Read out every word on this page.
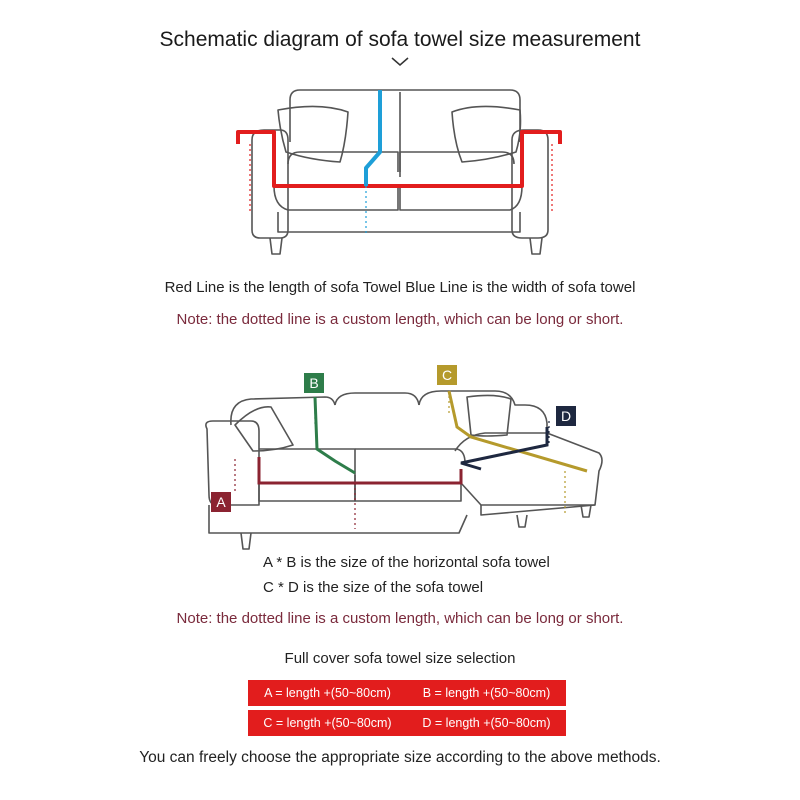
Schematic diagram of sofa towel size measurement
Red Line is the length of sofa Towel Blue Line is the width of sofa towel
Note: the dotted line is a custom length, which can be long or short.
A
B	C
D
A * B is the size of the horizontal sofa towel
C * D is the size of the sofa towel
Note: the dotted line is a custom length, which can be long or short.
Full cover sofa towel size selection
A = length +(50~80cm)	B = length +(50~80cm)
C = length +(50~80cm)	D = length +(50~80cm)
You can freely choose the appropriate size according to the above methods.
